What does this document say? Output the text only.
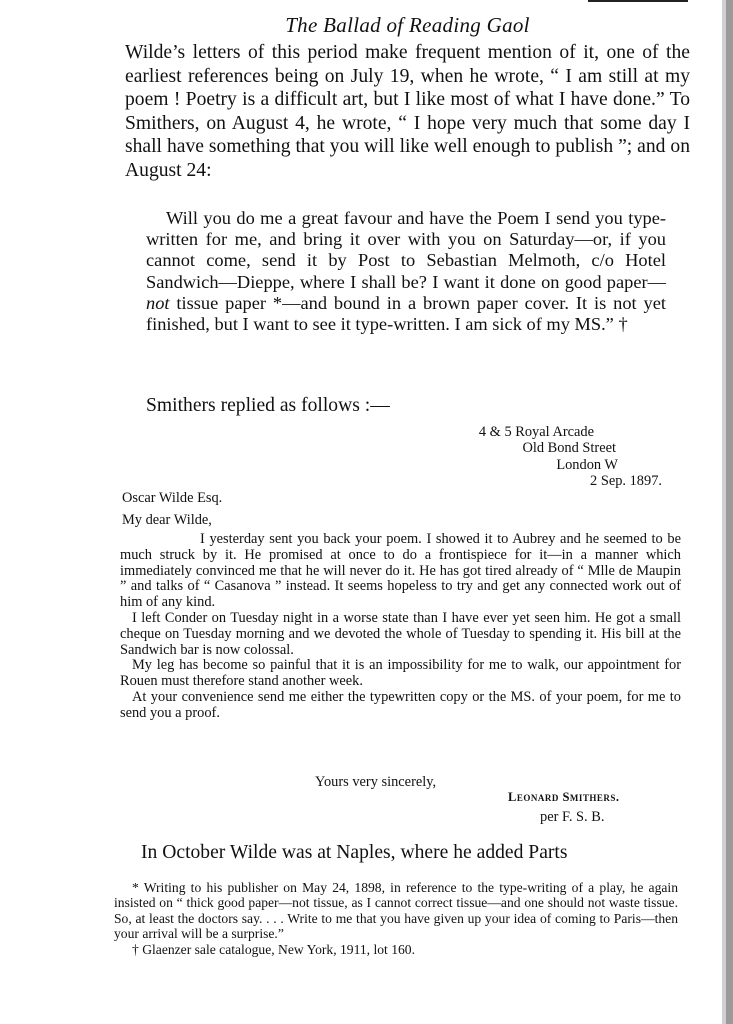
The Ballad of Reading Gaol
Wilde’s letters of this period make frequent mention of it, one of the earliest references being on July 19, when he wrote, “ I am still at my poem ! Poetry is a difficult art, but I like most of what I have done.” To Smithers, on August 4, he wrote, “ I hope very much that some day I shall have something that you will like well enough to publish ”; and on August 24:
Will you do me a great favour and have the Poem I send you type-written for me, and bring it over with you on Saturday—or, if you cannot come, send it by Post to Sebastian Melmoth, c/o Hotel Sandwich—Dieppe, where I shall be? I want it done on good paper—not tissue paper *—and bound in a brown paper cover. It is not yet finished, but I want to see it type-written. I am sick of my MS.” †
Smithers replied as follows :—
4 & 5 Royal Arcade
Old Bond Street
London W
2 Sep. 1897.
Oscar Wilde Esq.
My dear Wilde,

I yesterday sent you back your poem. I showed it to Aubrey and he seemed to be much struck by it. He promised at once to do a frontispiece for it—in a manner which immediately convinced me that he will never do it. He has got tired already of “ Mlle de Maupin ” and talks of “ Casanova ” instead. It seems hopeless to try and get any connected work out of him of any kind.

I left Conder on Tuesday night in a worse state than I have ever yet seen him. He got a small cheque on Tuesday morning and we devoted the whole of Tuesday to spending it. His bill at the Sandwich bar is now colossal.

My leg has become so painful that it is an impossibility for me to walk, our appointment for Rouen must therefore stand another week.

At your convenience send me either the typewritten copy or the MS. of your poem, for me to send you a proof.

Yours very sincerely,
Leonard Smithers.
per F. S. B.
In October Wilde was at Naples, where he added Parts

* Writing to his publisher on May 24, 1898, in reference to the type-writing of a play, he again insisted on “ thick good paper—not tissue, as I cannot correct tissue—and one should not waste tissue. So, at least the doctors say. . . . Write to me that you have given up your idea of coming to Paris—then your arrival will be a surprise.”

† Glaenzer sale catalogue, New York, 1911, lot 160.
